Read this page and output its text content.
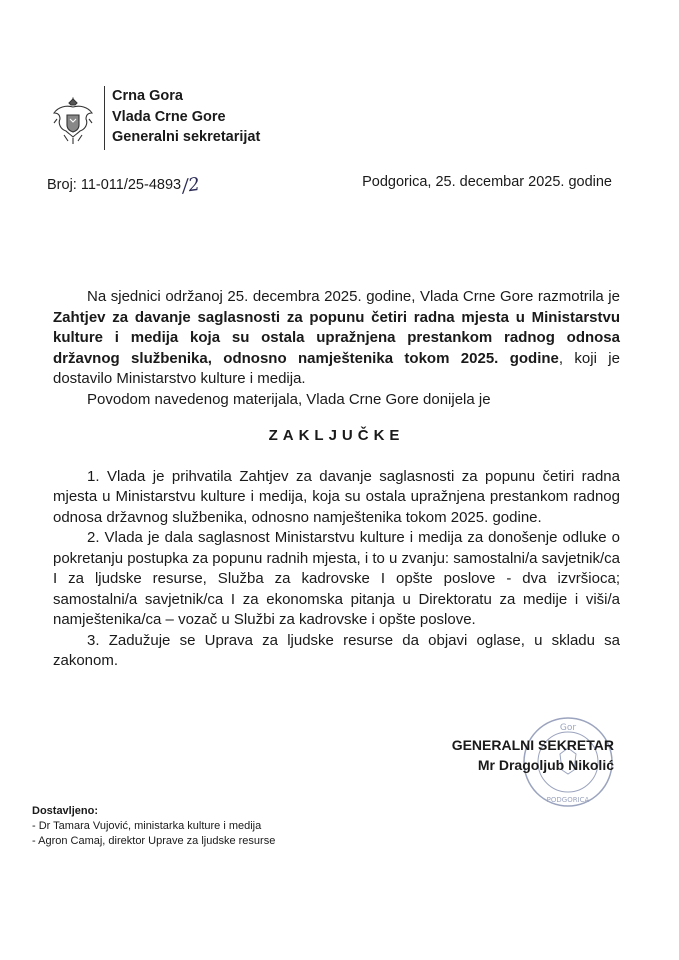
Crna Gora
Vlada Crne Gore
Generalni sekretarijat
Broj: 11-011/25-4893/2	Podgorica, 25. decembar 2025. godine

Na sjednici održanoj 25. decembra 2025. godine, Vlada Crne Gore razmotrila je Zahtjev za davanje saglasnosti za popunu četiri radna mjesta u Ministarstvu kulture i medija koja su ostala upražnjena prestankom radnog odnosa državnog službenika, odnosno namještenika tokom 2025. godine, koji je dostavilo Ministarstvo kulture i medija.

Povodom navedenog materijala, Vlada Crne Gore donijela je

ZAKLJUČKE

1. Vlada je prihvatila Zahtjev za davanje saglasnosti za popunu četiri radna mjesta u Ministarstvu kulture i medija, koja su ostala upražnjena prestankom radnog odnosa državnog službenika, odnosno namještenika tokom 2025. godine.

2. Vlada je dala saglasnost Ministarstvu kulture i medija za donošenje odluke o pokretanju postupka za popunu radnih mjesta, i to u zvanju: samostalni/a savjetnik/ca I za ljudske resurse, Služba za kadrovske I opšte poslove - dva izvršioca; samostalni/a savjetnik/ca I za ekonomska pitanja u Direktoratu za medije i viši/a namještenika/ca – vozač u Službi za kadrovske i opšte poslove.

3. Zadužuje se Uprava za ljudske resurse da objavi oglase, u skladu sa zakonom.

Gor
PODGORICA
GENERALNI SEKRETAR
Mr Dragoljub Nikolić
Dostavljeno:
- Dr Tamara Vujović, ministarka kulture i medija
- Agron Camaj, direktor Uprave za ljudske resurse
